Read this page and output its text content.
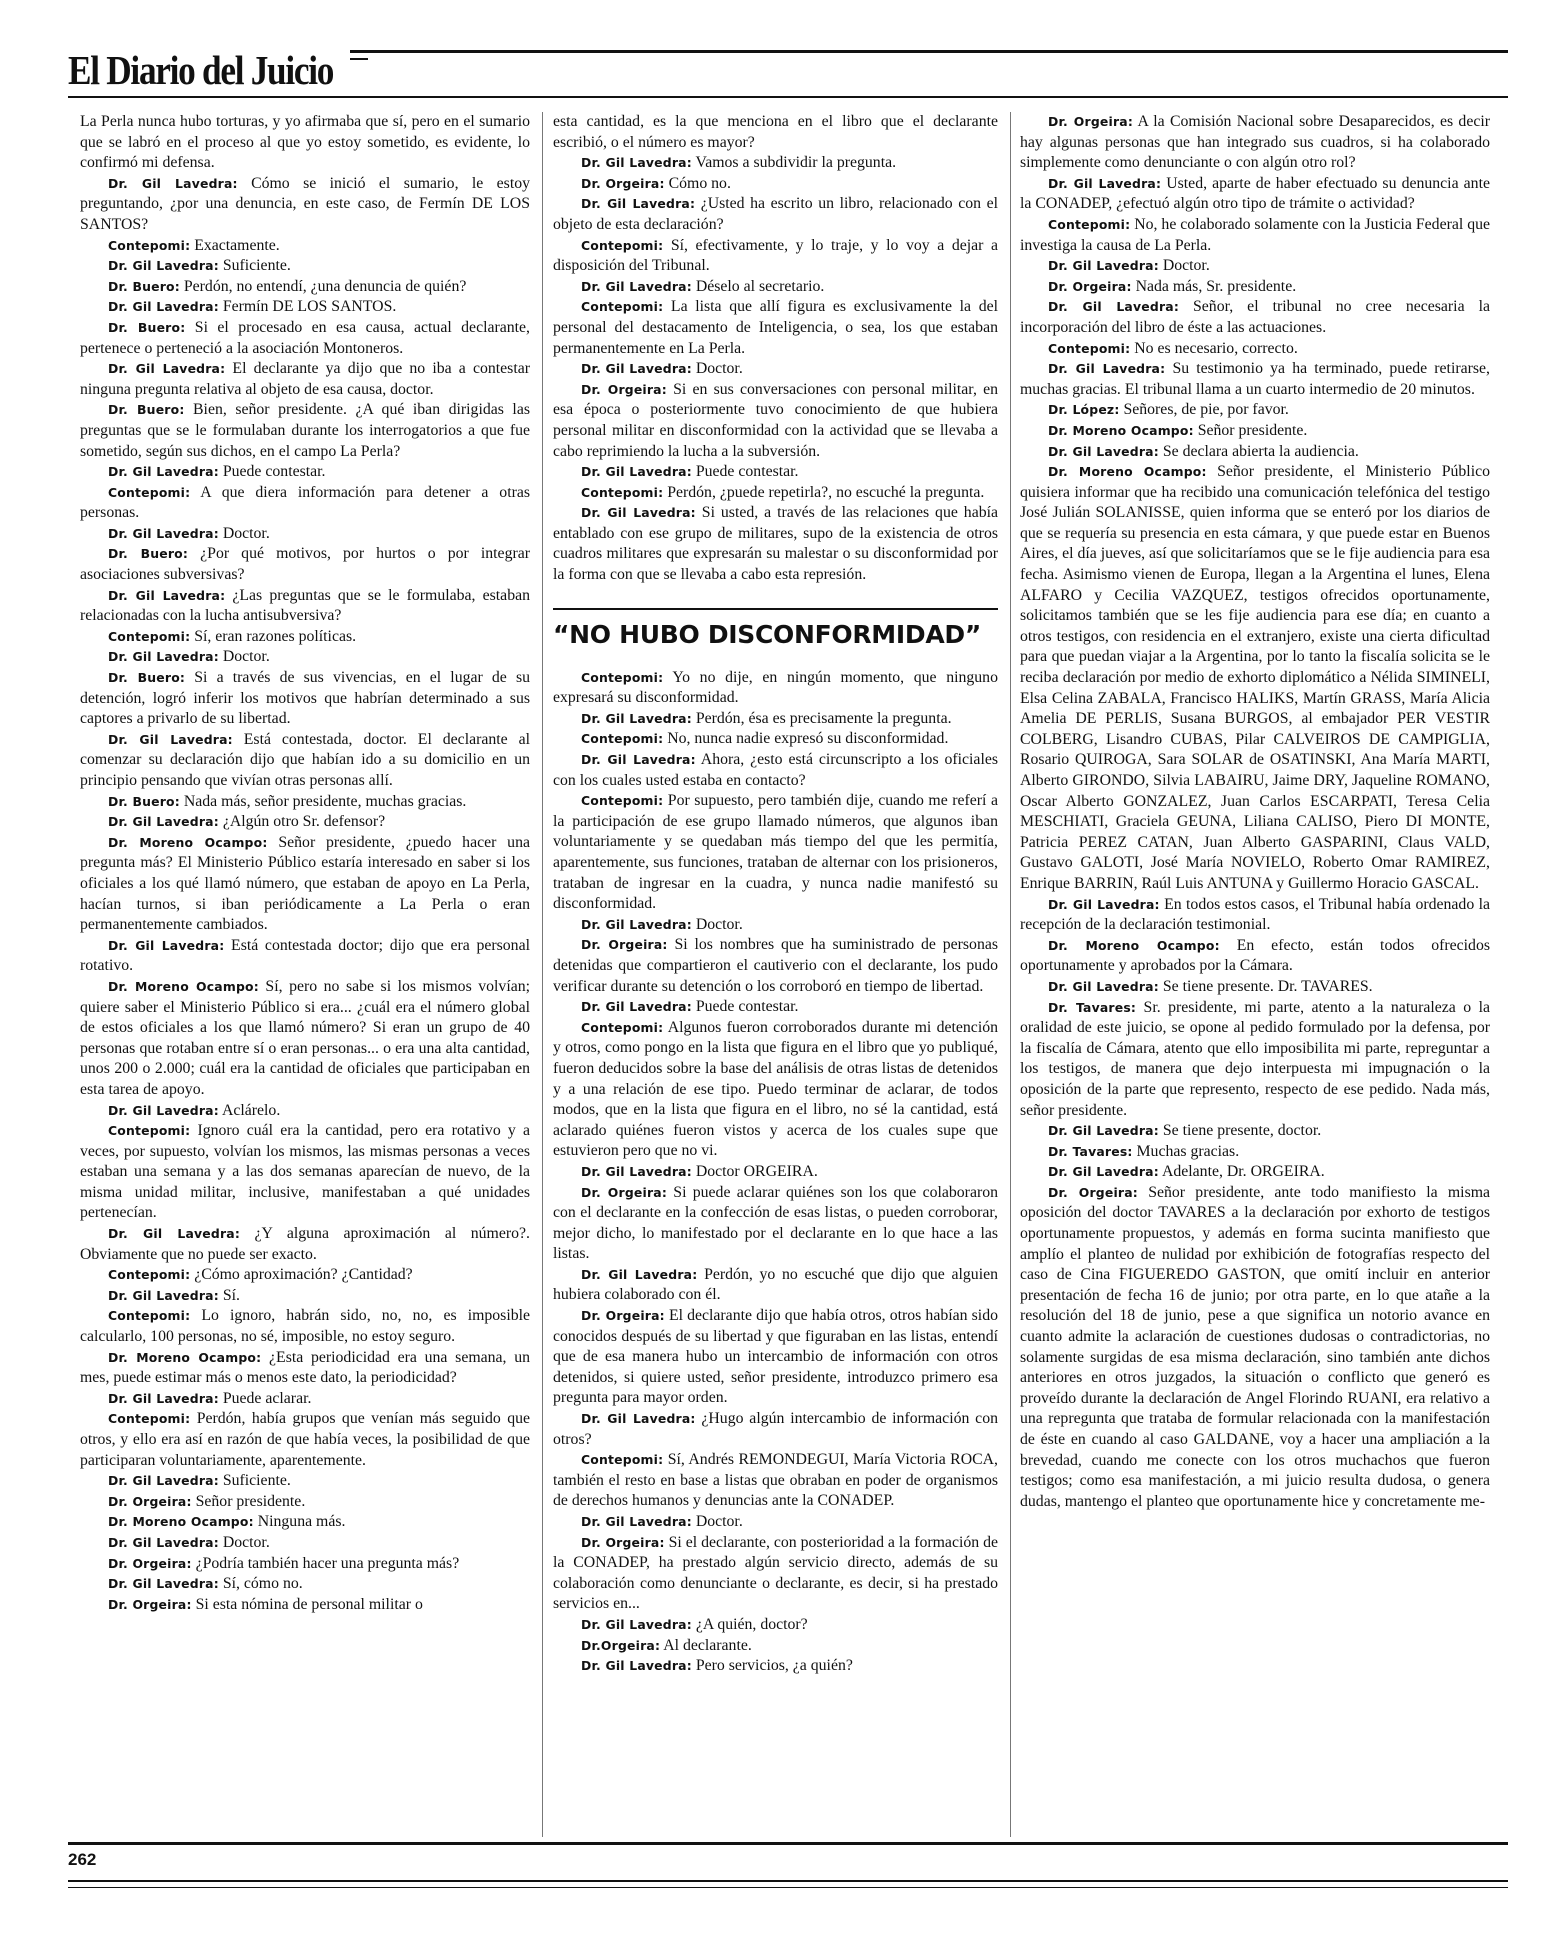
El Diario del Juicio

La Perla nunca hubo torturas, y yo afirmaba que sí, pero en el sumario que se labró en el proceso al que yo estoy sometido, es evidente, lo confirmó mi defensa.

Dr. Gil Lavedra: Cómo se inició el sumario, le estoy preguntando, ¿por una denuncia, en este caso, de Fermín DE LOS SANTOS?

Contepomi: Exactamente.

Dr. Gil Lavedra: Suficiente.

Dr. Buero: Perdón, no entendí, ¿una denuncia de quién?

Dr. Gil Lavedra: Fermín DE LOS SANTOS.

Dr. Buero: Si el procesado en esa causa, actual declarante, pertenece o perteneció a la asociación Montoneros.

Dr. Gil Lavedra: El declarante ya dijo que no iba a contestar ninguna pregunta relativa al objeto de esa causa, doctor.

Dr. Buero: Bien, señor presidente. ¿A qué iban dirigidas las preguntas que se le formulaban durante los interrogatorios a que fue sometido, según sus dichos, en el campo La Perla?

Dr. Gil Lavedra: Puede contestar.

Contepomi: A que diera información para detener a otras personas.

Dr. Gil Lavedra: Doctor.

Dr. Buero: ¿Por qué motivos, por hurtos o por integrar asociaciones subversivas?

Dr. Gil Lavedra: ¿Las preguntas que se le formulaba, estaban relacionadas con la lucha antisubversiva?

Contepomi: Sí, eran razones políticas.

Dr. Gil Lavedra: Doctor.

Dr. Buero: Si a través de sus vivencias, en el lugar de su detención, logró inferir los motivos que habrían determinado a sus captores a privarlo de su libertad.

Dr. Gil Lavedra: Está contestada, doctor. El declarante al comenzar su declaración dijo que habían ido a su domicilio en un principio pensando que vivían otras personas allí.

Dr. Buero: Nada más, señor presidente, muchas gracias.

Dr. Gil Lavedra: ¿Algún otro Sr. defensor?

Dr. Moreno Ocampo: Señor presidente, ¿puedo hacer una pregunta más? El Ministerio Público estaría interesado en saber si los oficiales a los qué llamó número, que estaban de apoyo en La Perla, hacían turnos, si iban periódicamente a La Perla o eran permanentemente cambiados.

Dr. Gil Lavedra: Está contestada doctor; dijo que era personal rotativo.

Dr. Moreno Ocampo: Sí, pero no sabe si los mismos volvían; quiere saber el Ministerio Público si era... ¿cuál era el número global de estos oficiales a los que llamó número? Si eran un grupo de 40 personas que rotaban entre sí o eran personas... o era una alta cantidad, unos 200 o 2.000; cuál era la cantidad de oficiales que participaban en esta tarea de apoyo.

Dr. Gil Lavedra: Aclárelo.

Contepomi: Ignoro cuál era la cantidad, pero era rotativo y a veces, por supuesto, volvían los mismos, las mismas personas a veces estaban una semana y a las dos semanas aparecían de nuevo, de la misma unidad militar, inclusive, manifestaban a qué unidades pertenecían.

Dr. Gil Lavedra: ¿Y alguna aproximación al número?. Obviamente que no puede ser exacto.

Contepomi: ¿Cómo aproximación? ¿Cantidad?

Dr. Gil Lavedra: Sí.

Contepomi: Lo ignoro, habrán sido, no, no, es imposible calcularlo, 100 personas, no sé, imposible, no estoy seguro.

Dr. Moreno Ocampo: ¿Esta periodicidad era una semana, un mes, puede estimar más o menos este dato, la periodicidad?

Dr. Gil Lavedra: Puede aclarar.

Contepomi: Perdón, había grupos que venían más seguido que otros, y ello era así en razón de que había veces, la posibilidad de que participaran voluntariamente, aparentemente.

Dr. Gil Lavedra: Suficiente.

Dr. Orgeira: Señor presidente.

Dr. Moreno Ocampo: Ninguna más.

Dr. Gil Lavedra: Doctor.

Dr. Orgeira: ¿Podría también hacer una pregunta más?

Dr. Gil Lavedra: Sí, cómo no.

Dr. Orgeira: Si esta nómina de personal militar o

esta cantidad, es la que menciona en el libro que el declarante escribió, o el número es mayor?

Dr. Gil Lavedra: Vamos a subdividir la pregunta.

Dr. Orgeira: Cómo no.

Dr. Gil Lavedra: ¿Usted ha escrito un libro, relacionado con el objeto de esta declaración?

Contepomi: Sí, efectivamente, y lo traje, y lo voy a dejar a disposición del Tribunal.

Dr. Gil Lavedra: Déselo al secretario.

Contepomi: La lista que allí figura es exclusivamente la del personal del destacamento de Inteligencia, o sea, los que estaban permanentemente en La Perla.

Dr. Gil Lavedra: Doctor.

Dr. Orgeira: Si en sus conversaciones con personal militar, en esa época o posteriormente tuvo conocimiento de que hubiera personal militar en disconformidad con la actividad que se llevaba a cabo reprimiendo la lucha a la subversión.

Dr. Gil Lavedra: Puede contestar.

Contepomi: Perdón, ¿puede repetirla?, no escuché la pregunta.

Dr. Gil Lavedra: Si usted, a través de las relaciones que había entablado con ese grupo de militares, supo de la existencia de otros cuadros militares que expresarán su malestar o su disconformidad por la forma con que se llevaba a cabo esta represión.

“NO HUBO DISCONFORMIDAD”

Contepomi: Yo no dije, en ningún momento, que ninguno expresará su disconformidad.

Dr. Gil Lavedra: Perdón, ésa es precisamente la pregunta.

Contepomi: No, nunca nadie expresó su disconformidad.

Dr. Gil Lavedra: Ahora, ¿esto está circunscripto a los oficiales con los cuales usted estaba en contacto?

Contepomi: Por supuesto, pero también dije, cuando me referí a la participación de ese grupo llamado números, que algunos iban voluntariamente y se quedaban más tiempo del que les permitía, aparentemente, sus funciones, trataban de alternar con los prisioneros, trataban de ingresar en la cuadra, y nunca nadie manifestó su disconformidad.

Dr. Gil Lavedra: Doctor.

Dr. Orgeira: Si los nombres que ha suministrado de personas detenidas que compartieron el cautiverio con el declarante, los pudo verificar durante su detención o los corroboró en tiempo de libertad.

Dr. Gil Lavedra: Puede contestar.

Contepomi: Algunos fueron corroborados durante mi detención y otros, como pongo en la lista que figura en el libro que yo publiqué, fueron deducidos sobre la base del análisis de otras listas de detenidos y a una relación de ese tipo. Puedo terminar de aclarar, de todos modos, que en la lista que figura en el libro, no sé la cantidad, está aclarado quiénes fueron vistos y acerca de los cuales supe que estuvieron pero que no vi.

Dr. Gil Lavedra: Doctor ORGEIRA.

Dr. Orgeira: Si puede aclarar quiénes son los que colaboraron con el declarante en la confección de esas listas, o pueden corroborar, mejor dicho, lo manifestado por el declarante en lo que hace a las listas.

Dr. Gil Lavedra: Perdón, yo no escuché que dijo que alguien hubiera colaborado con él.

Dr. Orgeira: El declarante dijo que había otros, otros habían sido conocidos después de su libertad y que figuraban en las listas, entendí que de esa manera hubo un intercambio de información con otros detenidos, si quiere usted, señor presidente, introduzco primero esa pregunta para mayor orden.

Dr. Gil Lavedra: ¿Hugo algún intercambio de información con otros?

Contepomi: Sí, Andrés REMONDEGUI, María Victoria ROCA, también el resto en base a listas que obraban en poder de organismos de derechos humanos y denuncias ante la CONADEP.

Dr. Gil Lavedra: Doctor.

Dr. Orgeira: Si el declarante, con posterioridad a la formación de la CONADEP, ha prestado algún servicio directo, además de su colaboración como denunciante o declarante, es decir, si ha prestado servicios en...

Dr. Gil Lavedra: ¿A quién, doctor?

Dr.Orgeira: Al declarante.

Dr. Gil Lavedra: Pero servicios, ¿a quién?

Dr. Orgeira: A la Comisión Nacional sobre Desaparecidos, es decir hay algunas personas que han integrado sus cuadros, si ha colaborado simplemente como denunciante o con algún otro rol?

Dr. Gil Lavedra: Usted, aparte de haber efectuado su denuncia ante la CONADEP, ¿efectuó algún otro tipo de trámite o actividad?

Contepomi: No, he colaborado solamente con la Justicia Federal que investiga la causa de La Perla.

Dr. Gil Lavedra: Doctor.

Dr. Orgeira: Nada más, Sr. presidente.

Dr. Gil Lavedra: Señor, el tribunal no cree necesaria la incorporación del libro de éste a las actuaciones.

Contepomi: No es necesario, correcto.

Dr. Gil Lavedra: Su testimonio ya ha terminado, puede retirarse, muchas gracias. El tribunal llama a un cuarto intermedio de 20 minutos.

Dr. López: Señores, de pie, por favor.

Dr. Moreno Ocampo: Señor presidente.

Dr. Gil Lavedra: Se declara abierta la audiencia.

Dr. Moreno Ocampo: Señor presidente, el Ministerio Público quisiera informar que ha recibido una comunicación telefónica del testigo José Julián SOLANISSE, quien informa que se enteró por los diarios de que se requería su presencia en esta cámara, y que puede estar en Buenos Aires, el día jueves, así que solicitaríamos que se le fije audiencia para esa fecha. Asimismo vienen de Europa, llegan a la Argentina el lunes, Elena ALFARO y Cecilia VAZQUEZ, testigos ofrecidos oportunamente, solicitamos también que se les fije audiencia para ese día; en cuanto a otros testigos, con residencia en el extranjero, existe una cierta dificultad para que puedan viajar a la Argentina, por lo tanto la fiscalía solicita se le reciba declaración por medio de exhorto diplomático a Nélida SIMINELI, Elsa Celina ZABALA, Francisco HALIKS, Martín GRASS, María Alicia Amelia DE PERLIS, Susana BURGOS, al embajador PER VESTIR COLBERG, Lisandro CUBAS, Pilar CALVEIROS DE CAMPIGLIA, Rosario QUIROGA, Sara SOLAR de OSATINSKI, Ana María MARTI, Alberto GIRONDO, Silvia LABAIRU, Jaime DRY, Jaqueline ROMANO, Oscar Alberto GONZALEZ, Juan Carlos ESCARPATI, Teresa Celia MESCHIATI, Graciela GEUNA, Liliana CALISO, Piero DI MONTE, Patricia PEREZ CATAN, Juan Alberto GASPARINI, Claus VALD, Gustavo GALOTI, José María NOVIELO, Roberto Omar RAMIREZ, Enrique BARRIN, Raúl Luis ANTUNA y Guillermo Horacio GASCAL.

Dr. Gil Lavedra: En todos estos casos, el Tribunal había ordenado la recepción de la declaración testimonial.

Dr. Moreno Ocampo: En efecto, están todos ofrecidos oportunamente y aprobados por la Cámara.

Dr. Gil Lavedra: Se tiene presente. Dr. TAVARES.

Dr. Tavares: Sr. presidente, mi parte, atento a la naturaleza o la oralidad de este juicio, se opone al pedido formulado por la defensa, por la fiscalía de Cámara, atento que ello imposibilita mi parte, repreguntar a los testigos, de manera que dejo interpuesta mi impugnación o la oposición de la parte que represento, respecto de ese pedido. Nada más, señor presidente.

Dr. Gil Lavedra: Se tiene presente, doctor.

Dr. Tavares: Muchas gracias.

Dr. Gil Lavedra: Adelante, Dr. ORGEIRA.

Dr. Orgeira: Señor presidente, ante todo manifiesto la misma oposición del doctor TAVARES a la declaración por exhorto de testigos oportunamente propuestos, y además en forma sucinta manifiesto que amplío el planteo de nulidad por exhibición de fotografías respecto del caso de Cina FIGUEREDO GASTON, que omití incluir en anterior presentación de fecha 16 de junio; por otra parte, en lo que atañe a la resolución del 18 de junio, pese a que significa un notorio avance en cuanto admite la aclaración de cuestiones dudosas o contradictorias, no solamente surgidas de esa misma declaración, sino también ante dichos anteriores en otros juzgados, la situación o conflicto que generó es proveído durante la declaración de Angel Florindo RUANI, era relativo a una repregunta que trataba de formular relacionada con la manifestación de éste en cuando al caso GALDANE, voy a hacer una ampliación a la brevedad, cuando me conecte con los otros muchachos que fueron testigos; como esa manifestación, a mi juicio resulta dudosa, o genera dudas, mantengo el planteo que oportunamente hice y concretamente me-

262
